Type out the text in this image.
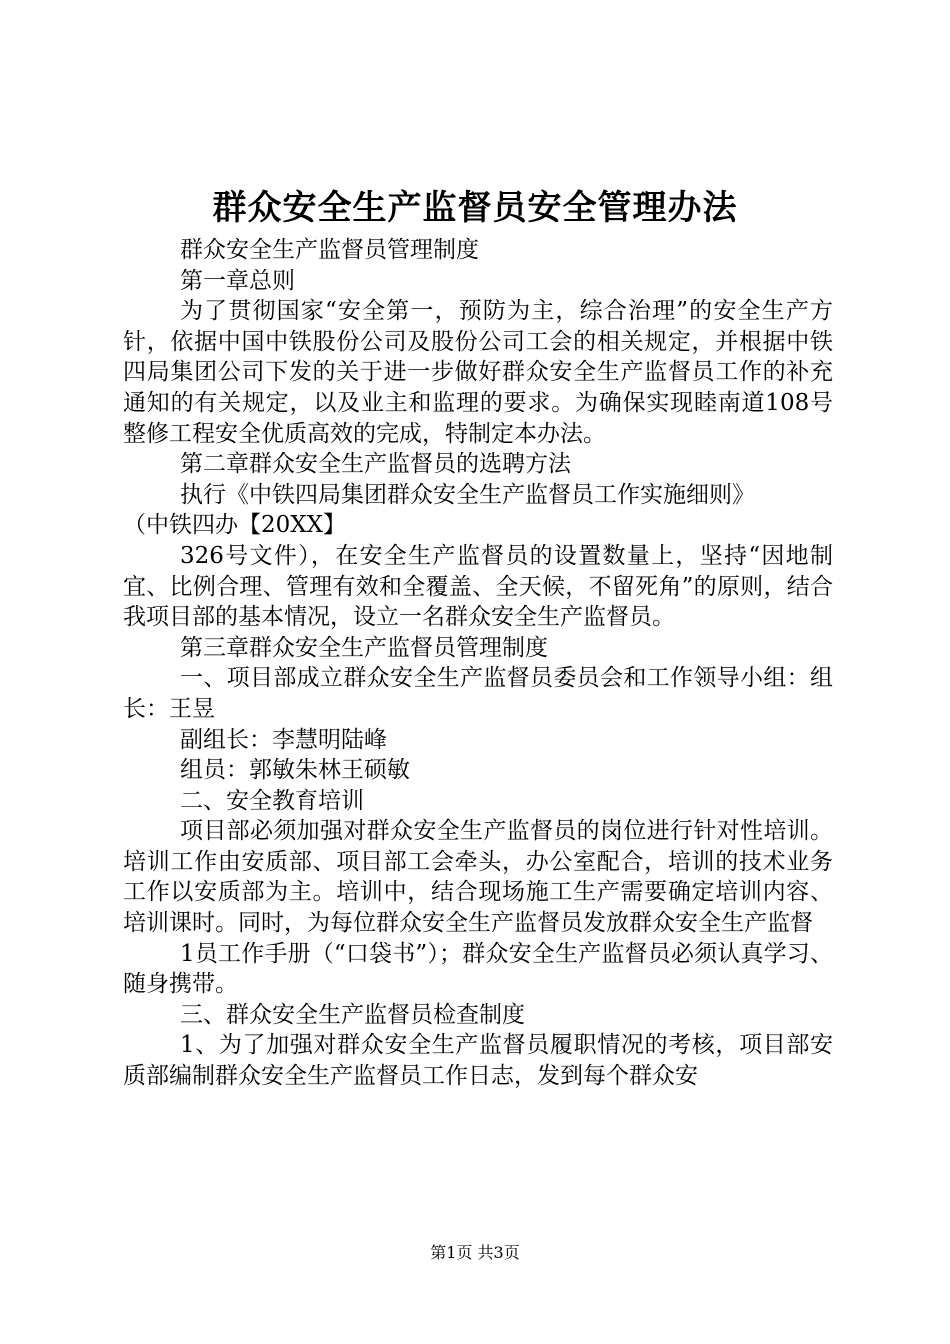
群众安全生产监督员安全管理办法

群众安全生产监督员管理制度

第一章总则

为了贯彻国家“安全第一，预防为主，综合治理”的安全生产方针，依据中国中铁股份公司及股份公司工会的相关规定，并根据中铁四局集团公司下发的关于进一步做好群众安全生产监督员工作的补充通知的有关规定，以及业主和监理的要求。为确保实现睦南道108号整修工程安全优质高效的完成，特制定本办法。

第二章群众安全生产监督员的选聘方法

执行《中铁四局集团群众安全生产监督员工作实施细则》

（中铁四办【20XX】

326号文件），在安全生产监督员的设置数量上，坚持“因地制宜、比例合理、管理有效和全覆盖、全天候，不留死角”的原则，结合我项目部的基本情况，设立一名群众安全生产监督员。

第三章群众安全生产监督员管理制度

一、项目部成立群众安全生产监督员委员会和工作领导小组：组长：王昱

副组长：李慧明陆峰

组员：郭敏朱林王硕敏

二、安全教育培训

项目部必须加强对群众安全生产监督员的岗位进行针对性培训。培训工作由安质部、项目部工会牵头，办公室配合，培训的技术业务工作以安质部为主。培训中，结合现场施工生产需要确定培训内容、培训课时。同时，为每位群众安全生产监督员发放群众安全生产监督

1员工作手册（“口袋书”）；群众安全生产监督员必须认真学习、随身携带。

三、群众安全生产监督员检查制度

1、为了加强对群众安全生产监督员履职情况的考核，项目部安质部编制群众安全生产监督员工作日志，发到每个群众安

第1页 共3页
